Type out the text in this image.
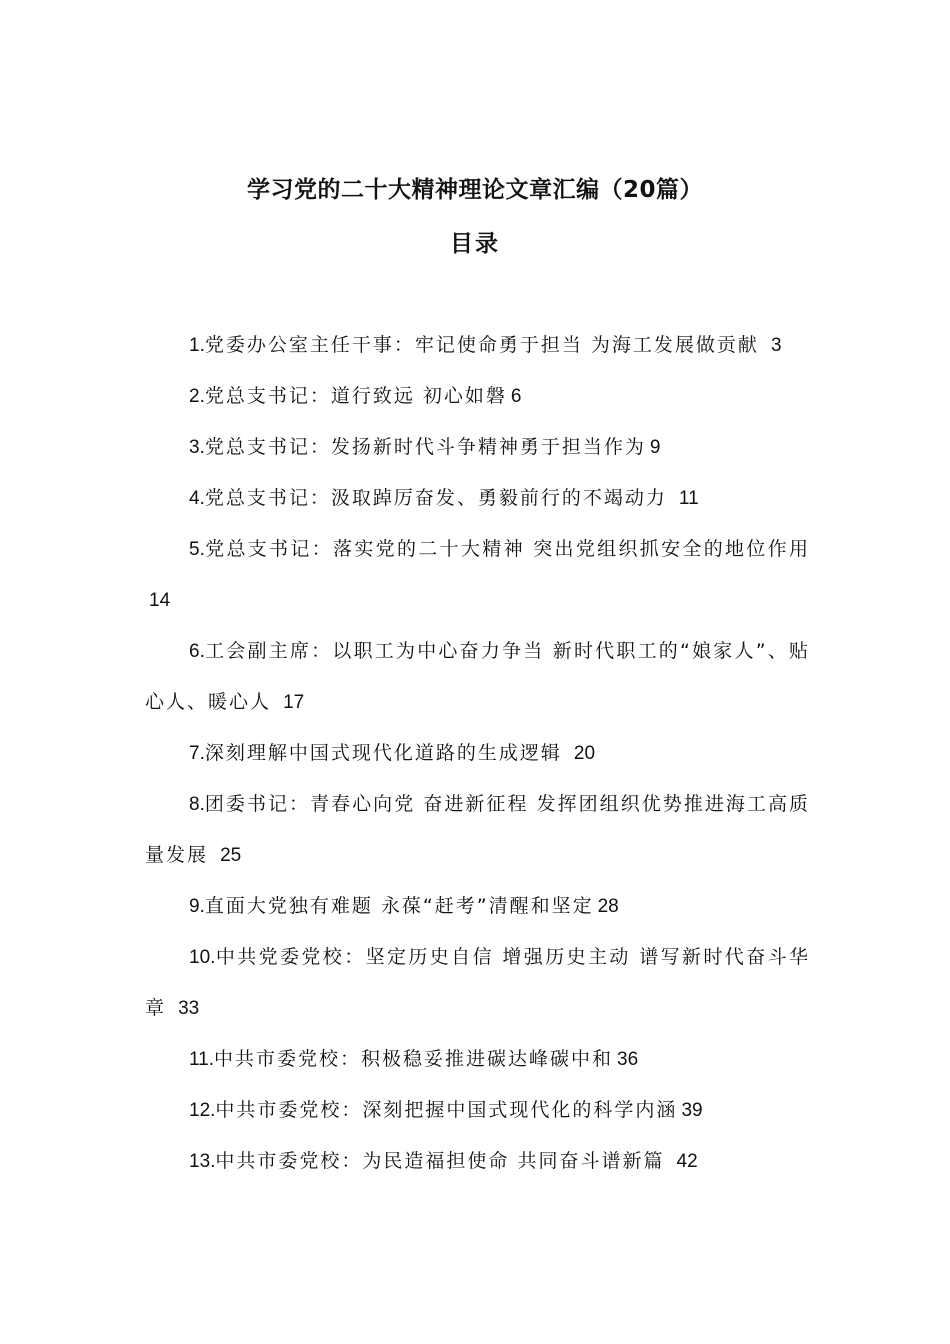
学习党的二十大精神理论文章汇编（20篇）
目录
1.党委办公室主任干事：牢记使命勇于担当 为海工发展做贡献 3
2.党总支书记：道行致远 初心如磐 6
3.党总支书记：发扬新时代斗争精神勇于担当作为 9
4.党总支书记：汲取踔厉奋发、勇毅前行的不竭动力 11
5.党总支书记：落实党的二十大精神 突出党组织抓安全的地位作用 14
6.工会副主席：以职工为中心奋力争当 新时代职工的“娘家人”、贴心人、暖心人 17
7.深刻理解中国式现代化道路的生成逻辑 20
8.团委书记：青春心向党 奋进新征程 发挥团组织优势推进海工高质量发展 25
9.直面大党独有难题 永葆“赶考”清醒和坚定 28
10.中共党委党校：坚定历史自信 增强历史主动 谱写新时代奋斗华章 33
11.中共市委党校：积极稳妥推进碳达峰碳中和 36
12.中共市委党校：深刻把握中国式现代化的科学内涵 39
13.中共市委党校：为民造福担使命 共同奋斗谱新篇 42
